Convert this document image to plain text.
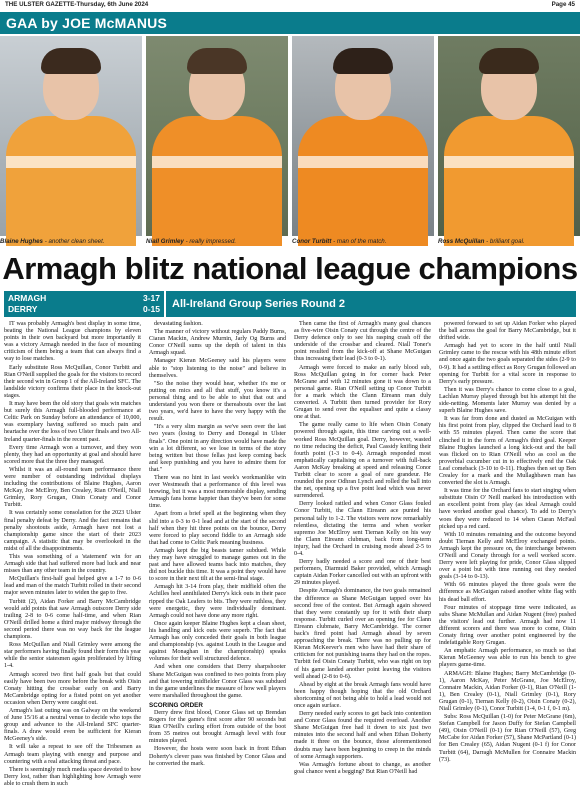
THE ULSTER GAZETTE-Thursday, 6th June 2024	Page 45
GAA by JOE McMANUS
Blaine Hughes - another clean sheet.	Niall Grimley - really impressed.	Conor Turbitt - man of the match.	Ross McQuillan - brilliant goal.
Armagh blitz national league champions
ARMAGH	3-17
DERRY	0-15	All-Ireland Group Series Round 2

IT was probably Armagh's best display in some time, beating the National League champions by eleven points in their own backyard but more importantly it was a victory Armagh needed in the face of mounting criticism of them being a team that can always find a way to lose matches.

Early substitute Ross McQuillan, Conor Turbitt and Rian O'Neill supplied the goals for the visitors to record their second win in Group 1 of the All-Ireland SFC. The landslide victory confirms their place in the knock-out stages.

It may have been the old story that goals win matches but surely this Armagh full-blooded performance at Celtic Park on Sunday before an attendance of 10,000, was exemplary having suffered so much pain and heartache over the loss of two Ulster finals and two All-Ireland quarter-finals in the recent past.

Every time Armagh won a turnover, and they won plenty, they had an opportunity at goal and should have scored more that the three they managed.

Whilst it was an all-round team performance there were number of outstanding individual displays including the contributions of Blaine Hughes, Aaron McKay, Joe McElroy, Ben Crealey, Rian O'Neill, Niall Grimley, Rory Grugan, Oisin Conaty and Conor Turbitt.

It was certainly some consolation for the 2023 Ulster final penalty defeat by Derry. And the fact remains that penalty shootouts aside, Armagh have not lost a championship game since the start of their 2023 campaign. A statistic that may be overlooked in the midst of all the disappointments.

This was something of a 'statement' win for an Armagh side that had suffered more bad luck and near misses than any other team in the country.

McQuillan's first-half goal helped give a 1-7 to 0-6 lead and man of the match Turbitt rolled in their second major seven minutes later to widen the gap to five.

Turbitt (2), Aidan Forker and Barry McCambridge would add points that saw Armagh outscore Derry side trailing 2-8 to 0-6 come half-time, and when Rian O'Neill drilled home a third major midway through the second period there was no way back for the league champions.

Ross McQuillan and Niall Grimley were among the star performers having finally found their form this year while the senior statesmen again proliferated by lifting 1-4.

Armagh scored two first half goals but that could easily have been two more before the break with Oisin Conaty hitting the crossbar early on and Barry McCambridge opting for a fisted point on yet another occasion when Derry were caught out.

Armagh's last outing was on Galway on the weekend of June 15/16 at a neutral venue to decide who tops the group and advance to the All-Ireland SFC quarter-finals. A draw would even be sufficient for Kieran McGeeney's side.

It will take a repeat to see off the Tribesmen as Armagh team playing with energy and purpose and countering with a real attacking threat and pace.

There is seemingly much media space devoted to how Derry lost, rather than highlighting how Armagh were able to crush them in such

devastating fashion.

The manner of victory without regulars Paddy Burns, Ciaran Mackin, Andrew Murnin, Jarly Og Burns and Conor O'Neill sums up the depth of talent in this Armagh squad.

Manager Kieran McGeeney said his players were able to "stop listening to the noise" and believe in themselves.

"So the noise they would hear, whether it's me or putting on mics and all that stuff, you know it's a personal thing and to be able to shut that out and understand you won there or thereabouts over the last two years, we'd have to have the very happy with the result.

"It's a very slim margin as we've seen over the last two years (losing to Derry and Donegal in Ulster finals". One point in any direction would have made the win a lot different, so we lose in terms of the story being written but those fellas just keep coming back and keep punishing and you have to admire them for that."

There was no hint in last week's workmanlike win over Westmeath that a performance of this level was brewing, but it was a most memorable display, sending Armagh fans home happier than they've been for some time.

Apart from a brief spell at the beginning when they slid into a 0-3 to 0-1 lead and at the start of the second half when they hit three points on the bounce, Derry were forced to play second fiddle to an Armagh side that had come to Celtic Park meaning business.

Armagh kept the big beasts tamer subdued. While they may have struggled to manage games out in the past and have allowed teams back into matches, they did not buckle this time. It was a point they would have to score in their next tilt at the semi-final stage.

Armagh hit 3-14 from play, their midfield often the Achilles heel annihilated Derry's kick outs in their pace ripped the Oak Leafers to bits. They were ruthless, they were energetic, they were individually dominant. Armagh could not have done any more right.

Once again keeper Blaine Hughes kept a clean sheet, his handling and kick outs were superb. The fact that Armagh has only conceded their goals in both league and championship (vs. against Louth in the League and against Monaghan in the championship) speaks volumes for their well structured defence.

And when one considers that Derry sharpshooter Shane McGuigan was confined to two points from play and that towering midfielder Conor Glass was subdued in the game underlines the measure of how well players were marshalled throughout the game.

SCORING ORDER

Derry drew first blood, Conor Glass set up Brendan Rogers for the game's first score after 90 seconds but Rian O'Neill's curling effort from outside of the boot from 35 metres out brought Armagh level with four minutes played.

However, the hosts were soon back in front Ethan Doherty's clever pass was finished by Conor Glass and he converted the mark.

Then came the first of Armagh's many goal chances as five-wire Oisin Conaty cut through the centre of the Derry defence only to see his rasping crash off the underside of the crossbar and cleared. Niall Toner's point resulted from the kick-off at Shane McGuigan thus increasing their lead (0-3 to 0-1).

Armagh were forced to make an early blood sub, Ross McQuillan going in for corner back Peter McGrane and with 12 minutes gone it was down to a personal game. Rian O'Neill setting up Conor Turbitt for a mark which the Clann Eireann man duly converted. A Turbitt then turned provider for Rory Grugan to send over the equaliser and quite a classy one at that.

The game really came to life when Oisin Conaty powered through again, this time carving out a well-worked Ross McQuillan goal. Derry, however, wasted no time reducing the deficit, Paul Cassidy knifing their fourth point (1-3 to 0-4). Armagh responded most emphatically capitalising on a turnover with full-back Aaron McKay breaking at speed and releasing Conor Turbitt clear to score a goal of rare grandeur. He rounded the poor Odhran Lynch and rolled the ball into the net, opening up a five point lead which was never surrendered.

Derry looked rattled and when Conor Glass fouled Conor Turbitt, the Clann Eireann ace punted his personal tally to 1-2. The visitors were now remarkably relentless, dictating the terms and when worker supremo Joe McElroy sent Tiernan Kelly on his way the Clann Eireann clubman, back from long-term injury, had the Orchard in cruising mode ahead 2-5 to 0-4.

Derry badly needed a score and one of their best performers, Diarmuid Baker provided, which Armagh captain Aidan Forker cancelled out with an upfront with 29 minutes played.

Despite Armagh's dominance, the two goals remained the difference as Shane McGuigan tapped over his second free of the contest. But Armagh again showed that they were constantly up for it with their sharp response. Turbitt curled over an opening fee for Clann Eireann clubmate, Barry McCambridge. The corner back's fired point had Armagh ahead by seven approaching the break. There was no pulling up for Kieran McKeever's men who have had their share of criticism for not punishing teams they had on the ropes. Turbitt fed Oisin Conaty Turbitt, who was right on top of his game landed another point leaving the visitors well ahead (2-8 to 0-6).

Ahead by eight at the break Armagh fans would have been happy though hoping that the old Orchard shortcoming of not being able to hold a lead would not once again surface.

Derry needed early scores to get back into contention and Conor Glass found the required overload. Another Shane McGuigan free had it down to six just two minutes into the second half and when Ethan Doherty made it three on the bounce, those aforementioned doubts may have been beginning to creep in the minds of some Armagh supporters.

Was Armagh's fortune about to change, as another goal chance went a begging? But Rian O'Neill had

powered forward to set up Aidan Forker who played the ball across the goal for Barry McCambridge, but it drifted wide.

Armagh had yet to score in the half until Niall Grimley came to the rescue with his 48th minute effort and once again the two goals separated the sides (2-9 to 0-9). It had a settling effect as Rory Grugan followed an opening for Turbitt for a vital score in response to Derry's early pressure.

Then it was Derry's chance to come close to a goal, Lachlan Murray played through but his attempt hit the side-netting. Moments later Murray was denied by a superb Blaine Hughes save.

It was far from done and dusted as McGuigan with his first point from play, clipped the Orchard lead to 8 with 55 minutes played. Then came the score that clinched it in the form of Armagh's third goal. Keeper Blaine Hughes launched a long kick-out and the ball was flicked on to Rian O'Neill who as cool as the proverbial cucumber cut in to effectively end the Oak Leaf comeback (3-10 to 0-11). Hughes then set up Ben Crealey for a mark and the Mullaghbawn man has converted the slot is Armagh.

It was time for the Orchard fans to start singing when substitute Oisin O' Neill marked his introduction with an excellent point from play (as ideal Armagh could have worked another goal chance). To add to Derry's woes they were reduced to 14 when Ciaran McFaul picked up a red card.

With 10 minutes remaining and the outcome beyond doubt Tiernan Kelly and McElroy exchanged points. Armagh kept the pressure on, the interchange between O'Neill and Conaty through for a well worked score. Derry were left playing for pride, Conor Glass slipped over a point but with time running out they needed goals (3-14 to 0-13).

With 66 minutes played the three goals were the difference as McGuigan raised another white flag with his dead ball effort.

Four minutes of stoppage time were indicated, as subs Shane McMullan and Aidan Nugent (free) pushed the visitors' lead out further. Armagh had now 11 different scorers and there was more to come, Oisin Conaty firing over another point engineered by the indefatigable Rory Grugan.

An emphatic Armagh performance, so much so that Kieran McGeeney was able to run his bench to give players game-time.

ARMAGH: Blaine Hughes; Barry McCambridge (0-1), Aaron McKay, Peter McGrane, Joe McElroy, Connaire Mackin, Aidan Forker (0-1), Rian O'Neill (1-1), Ben Crealey (0-1), Niall Grimley (0-1), Rory Grugan (0-1), Tiernan Kelly (0-2), Oisin Conaty (0-2), Niall Grimley (0-1), Conor Turbitt (1-4, 0-1 f, 0-1 m).

Subs: Ross McQuillan (1-0) for Peter McGrane (6m), Stefan Campbell for Jason Duffy for Stefan Campbell (49), Oisin O'Neill (0-1) for Rian O'Neill (57), Greg McCabe for Aidan Forker (57), Shane McPartland (0-1) for Ben Crealey (65), Aidan Nugent (0-1 f) for Conor Turbitt (64), Darragh McMullen for Connaire Mackin (73).
